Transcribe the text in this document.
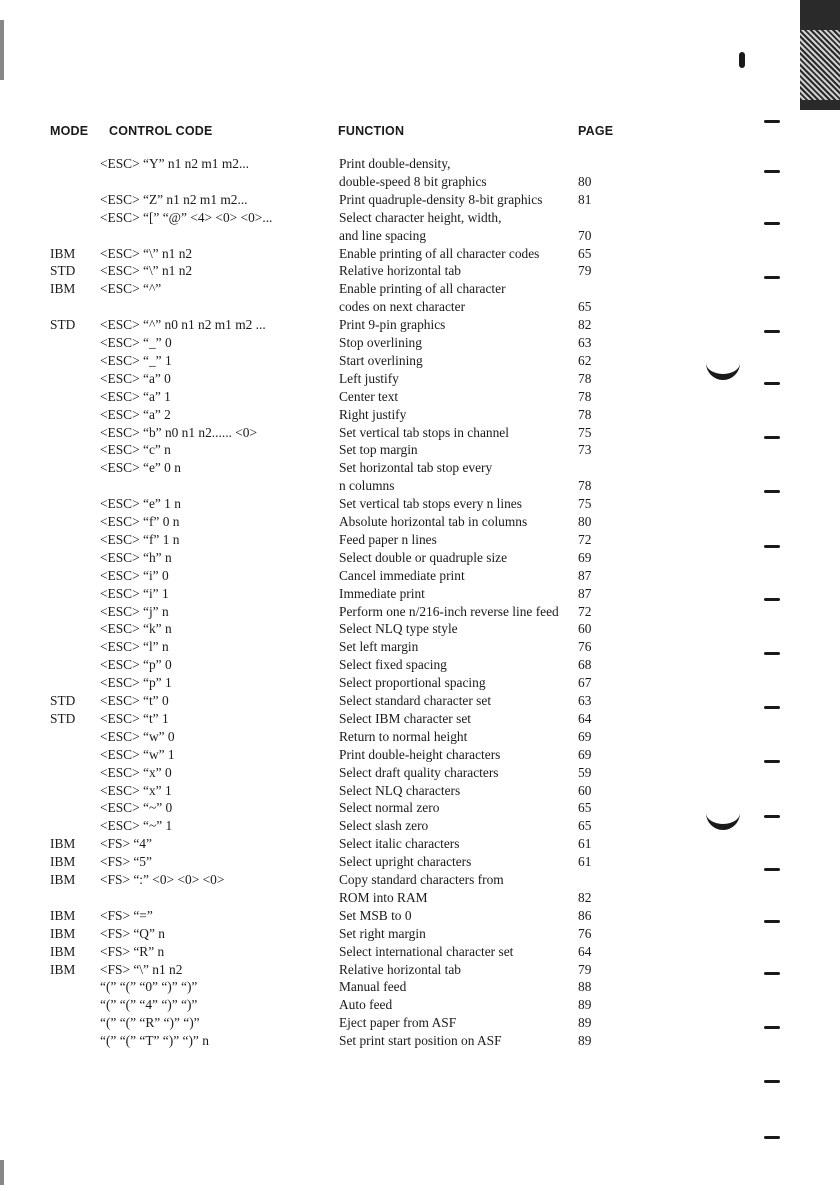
MODE CONTROL CODE	FUNCTION	PAGE
<ESC> “Y” n1 n2 m1 m2...	Print double-density,
double-speed 8 bit graphics	80
<ESC> “Z” n1 n2 m1 m2...	Print quadruple-density 8-bit graphics	81
<ESC> “[” “@” <4> <0> <0>...	Select character height, width,
and line spacing	70
IBM <ESC> “\” n1 n2	Enable printing of all character codes	65
STD <ESC> “\” n1 n2	Relative horizontal tab	79
IBM <ESC> “^”	Enable printing of all character
codes on next character	65
STD <ESC> “^” n0 n1 n2 m1 m2 ...	Print 9-pin graphics	82
<ESC> “_” 0	Stop overlining	63
<ESC> “_” 1	Start overlining	62
<ESC> “a” 0	Left justify	78
<ESC> “a” 1	Center text	78
<ESC> “a” 2	Right justify	78
<ESC> “b” n0 n1 n2...... <0>	Set vertical tab stops in channel	75
<ESC> “c” n	Set top margin	73
<ESC> “e” 0 n	Set horizontal tab stop every
n columns	78
<ESC> “e” 1 n	Set vertical tab stops every n lines	75
<ESC> “f” 0 n	Absolute horizontal tab in columns	80
<ESC> “f” 1 n	Feed paper n lines	72
<ESC> “h” n	Select double or quadruple size	69
<ESC> “i” 0	Cancel immediate print	87
<ESC> “i” 1	Immediate print	87
<ESC> “j” n	Perform one n/216-inch reverse line feed 72
<ESC> “k” n	Select NLQ type style	60
<ESC> “l” n	Set left margin	76
<ESC> “p” 0	Select fixed spacing	68
<ESC> “p” 1	Select proportional spacing	67
STD <ESC> “t” 0	Select standard character set	63
STD <ESC> “t” 1	Select IBM character set	64
<ESC> “w” 0	Return to normal height	69
<ESC> “w” 1	Print double-height characters	69
<ESC> “x” 0	Select draft quality characters	59
<ESC> “x” 1	Select NLQ characters	60
<ESC> “~” 0	Select normal zero	65
<ESC> “~” 1	Select slash zero	65
IBM <FS> “4”	Select italic characters	61
IBM <FS> “5”	Select upright characters	61
IBM <FS> “:” <0> <0> <0>	Copy standard characters from
ROM into RAM	82
IBM <FS> “=”	Set MSB to 0	86
IBM <FS> “Q” n	Set right margin	76
IBM <FS> “R” n	Select international character set	64
IBM <FS> “\” n1 n2	Relative horizontal tab	79
“(” “(” “0” “)” “)”	Manual feed	88
“(” “(” “4” “)” “)”	Auto feed	89
“(” “(” “R” “)” “)”	Eject paper from ASF	89
“(” “(” “T” “)” “)” n	Set print start position on ASF	89
